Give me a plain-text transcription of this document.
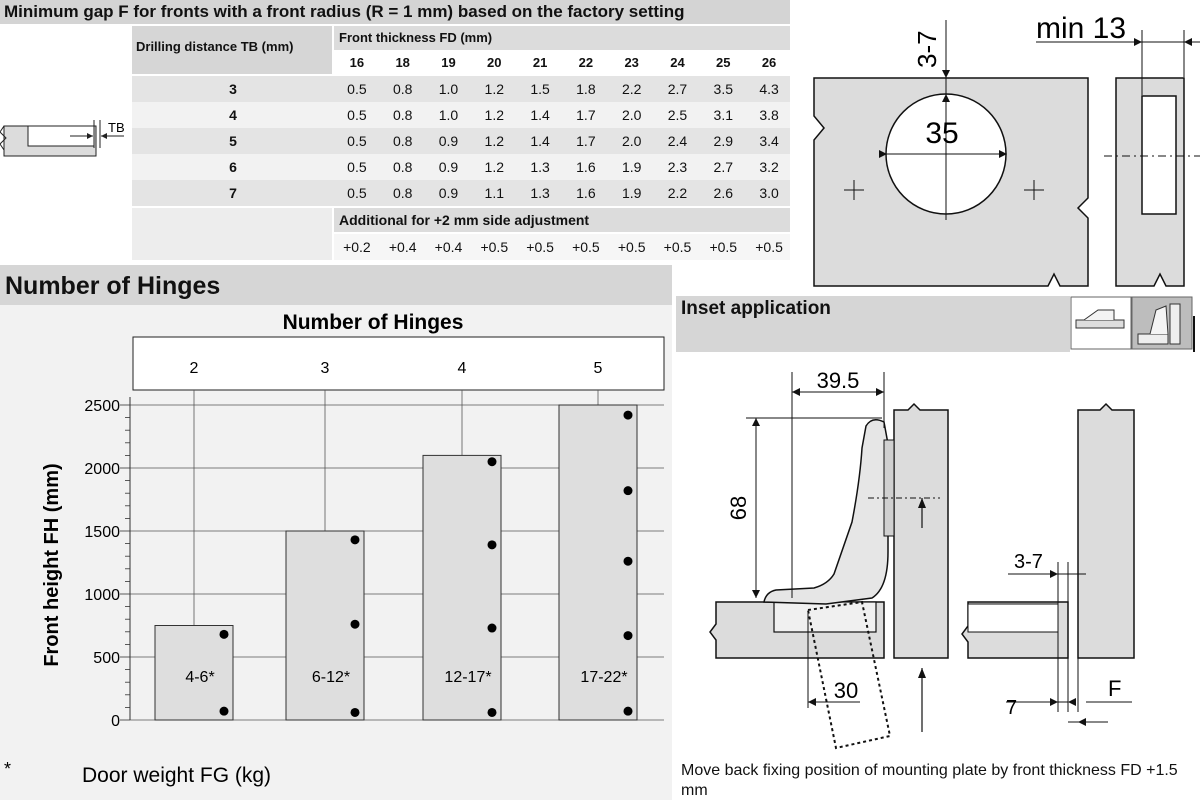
Minimum gap F for fronts with a front radius (R = 1 mm) based on the factory setting
TB
Drilling distance TB (mm)
Front thickness FD (mm)
16	18	19	20	21	22	23	24	25	26
3	0.5	0.8	1.0	1.2	1.5	1.8	2.2	2.7	3.5	4.3
4	0.5	0.8	1.0	1.2	1.4	1.7	2.0	2.5	3.1	3.8
5	0.5	0.8	0.9	1.2	1.4	1.7	2.0	2.4	2.9	3.4
6	0.5	0.8	0.9	1.2	1.3	1.6	1.9	2.3	2.7	3.2
7	0.5	0.8	0.9	1.1	1.3	1.6	1.9	2.2	2.6	3.0
Additional for +2 mm side adjustment
+0.2	+0.4	+0.4	+0.5	+0.5	+0.5	+0.5	+0.5	+0.5	+0.5
35
3-7
min 13
Number of Hinges
Number of Hinges
0
500
1000
1500
2000
2500
2
4-6*
3
6-12*
4
12-17*
5
17-22*
Front height FH (mm)
*	Door weight FG (kg)
Inset application
39.5
68
30
3-7
7
F
Move back fixing position of mounting plate by front thickness FD +1.5 mm
